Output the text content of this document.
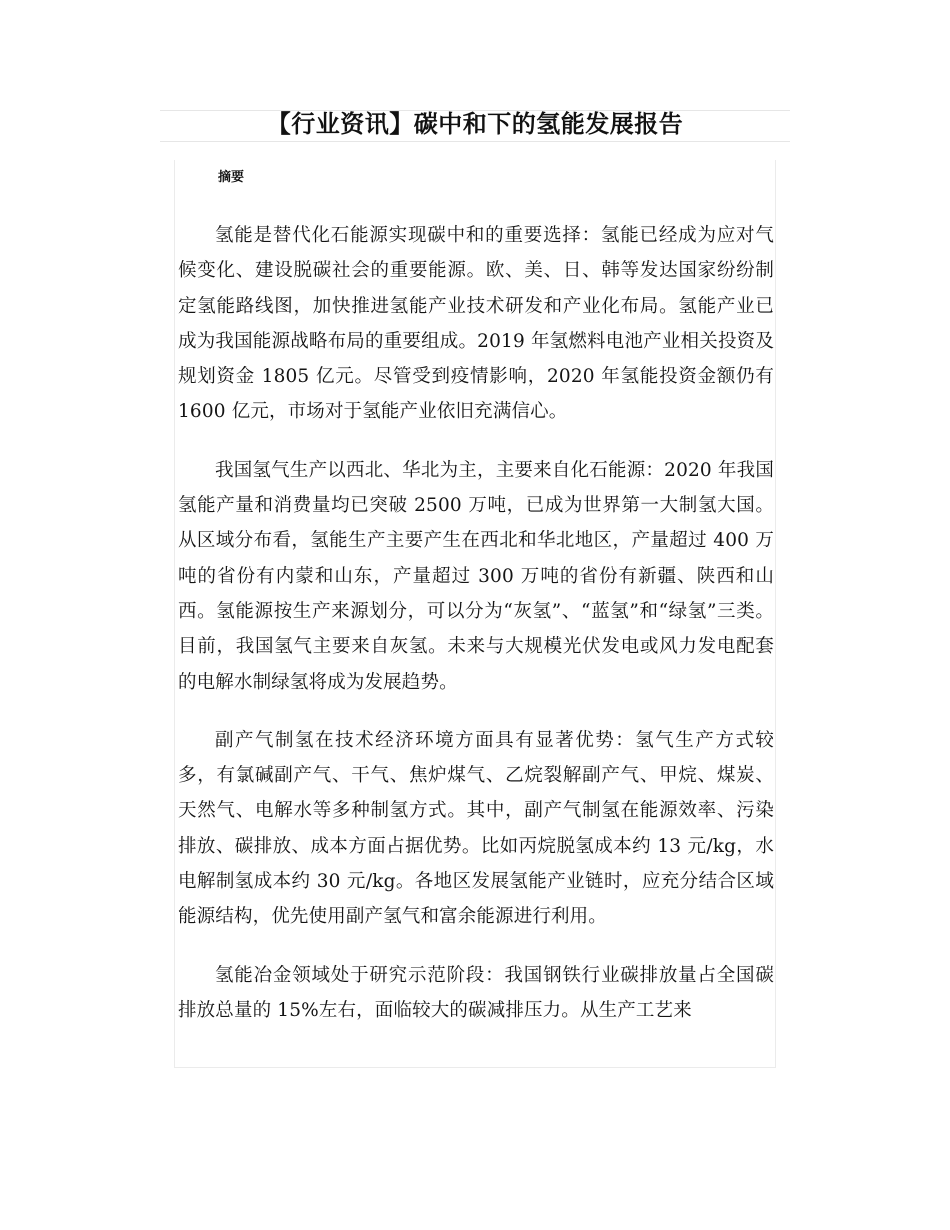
【行业资讯】碳中和下的氢能发展报告
摘要

氢能是替代化石能源实现碳中和的重要选择：氢能已经成为应对气候变化、建设脱碳社会的重要能源。欧、美、日、韩等发达国家纷纷制定氢能路线图，加快推进氢能产业技术研发和产业化布局。氢能产业已成为我国能源战略布局的重要组成。2019 年氢燃料电池产业相关投资及规划资金 1805 亿元。尽管受到疫情影响，2020 年氢能投资金额仍有 1600 亿元，市场对于氢能产业依旧充满信心。

我国氢气生产以西北、华北为主，主要来自化石能源：2020 年我国氢能产量和消费量均已突破 2500 万吨，已成为世界第一大制氢大国。从区域分布看，氢能生产主要产生在西北和华北地区，产量超过 400 万吨的省份有内蒙和山东，产量超过 300 万吨的省份有新疆、陕西和山西。氢能源按生产来源划分，可以分为“灰氢”、“蓝氢”和“绿氢”三类。目前，我国氢气主要来自灰氢。未来与大规模光伏发电或风力发电配套的电解水制绿氢将成为发展趋势。

副产气制氢在技术经济环境方面具有显著优势：氢气生产方式较多，有氯碱副产气、干气、焦炉煤气、乙烷裂解副产气、甲烷、煤炭、天然气、电解水等多种制氢方式。其中，副产气制氢在能源效率、污染排放、碳排放、成本方面占据优势。比如丙烷脱氢成本约 13 元/kg，水电解制氢成本约 30 元/kg。各地区发展氢能产业链时，应充分结合区域能源结构，优先使用副产氢气和富余能源进行利用。

氢能冶金领域处于研究示范阶段：我国钢铁行业碳排放量占全国碳排放总量的 15%左右，面临较大的碳减排压力。从生产工艺来
